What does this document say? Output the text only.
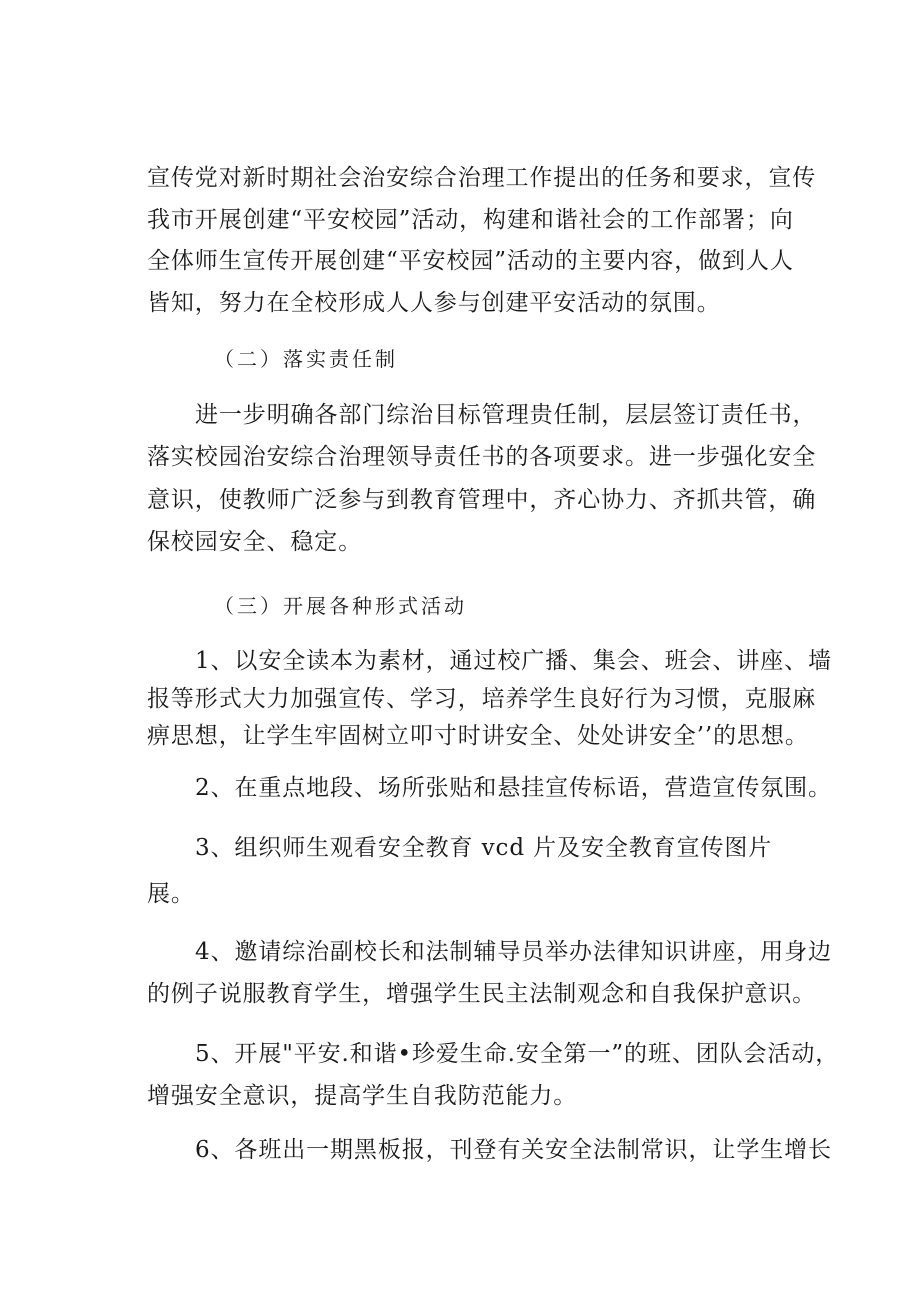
宣传党对新时期社会治安综合治理工作提出的任务和要求，宣传
我市开展创建“平安校园”活动，构建和谐社会的工作部署；向
全体师生宣传开展创建“平安校园”活动的主要内容，做到人人
皆知，努力在全校形成人人参与创建平安活动的氛围。
（二）落实责任制
进一步明确各部门综治目标管理贵任制，层层签订责任书，
落实校园治安综合治理领导责任书的各项要求。进一步强化安全
意识，使教师广泛参与到教育管理中，齐心协力、齐抓共管，确
保校园安全、稳定。
（三）开展各种形式活动
1、以安全读本为素材，通过校广播、集会、班会、讲座、墙
报等形式大力加强宣传、学习，培养学生良好行为习惯，克服麻
痹思想，让学生牢固树立叩寸时讲安全、处处讲安全’’的思想。
2、在重点地段、场所张贴和悬挂宣传标语，营造宣传氛围。
3、组织师生观看安全教育 vcd 片及安全教育宣传图片
展。
4、邀请综治副校长和法制辅导员举办法律知识讲座，用身边
的例子说服教育学生，增强学生民主法制观念和自我保护意识。
5、开展"平安.和谐•珍爱生命.安全第一”的班、团队会活动，
增强安全意识，提高学生自我防范能力。
6、各班出一期黑板报，刊登有关安全法制常识，让学生增长
